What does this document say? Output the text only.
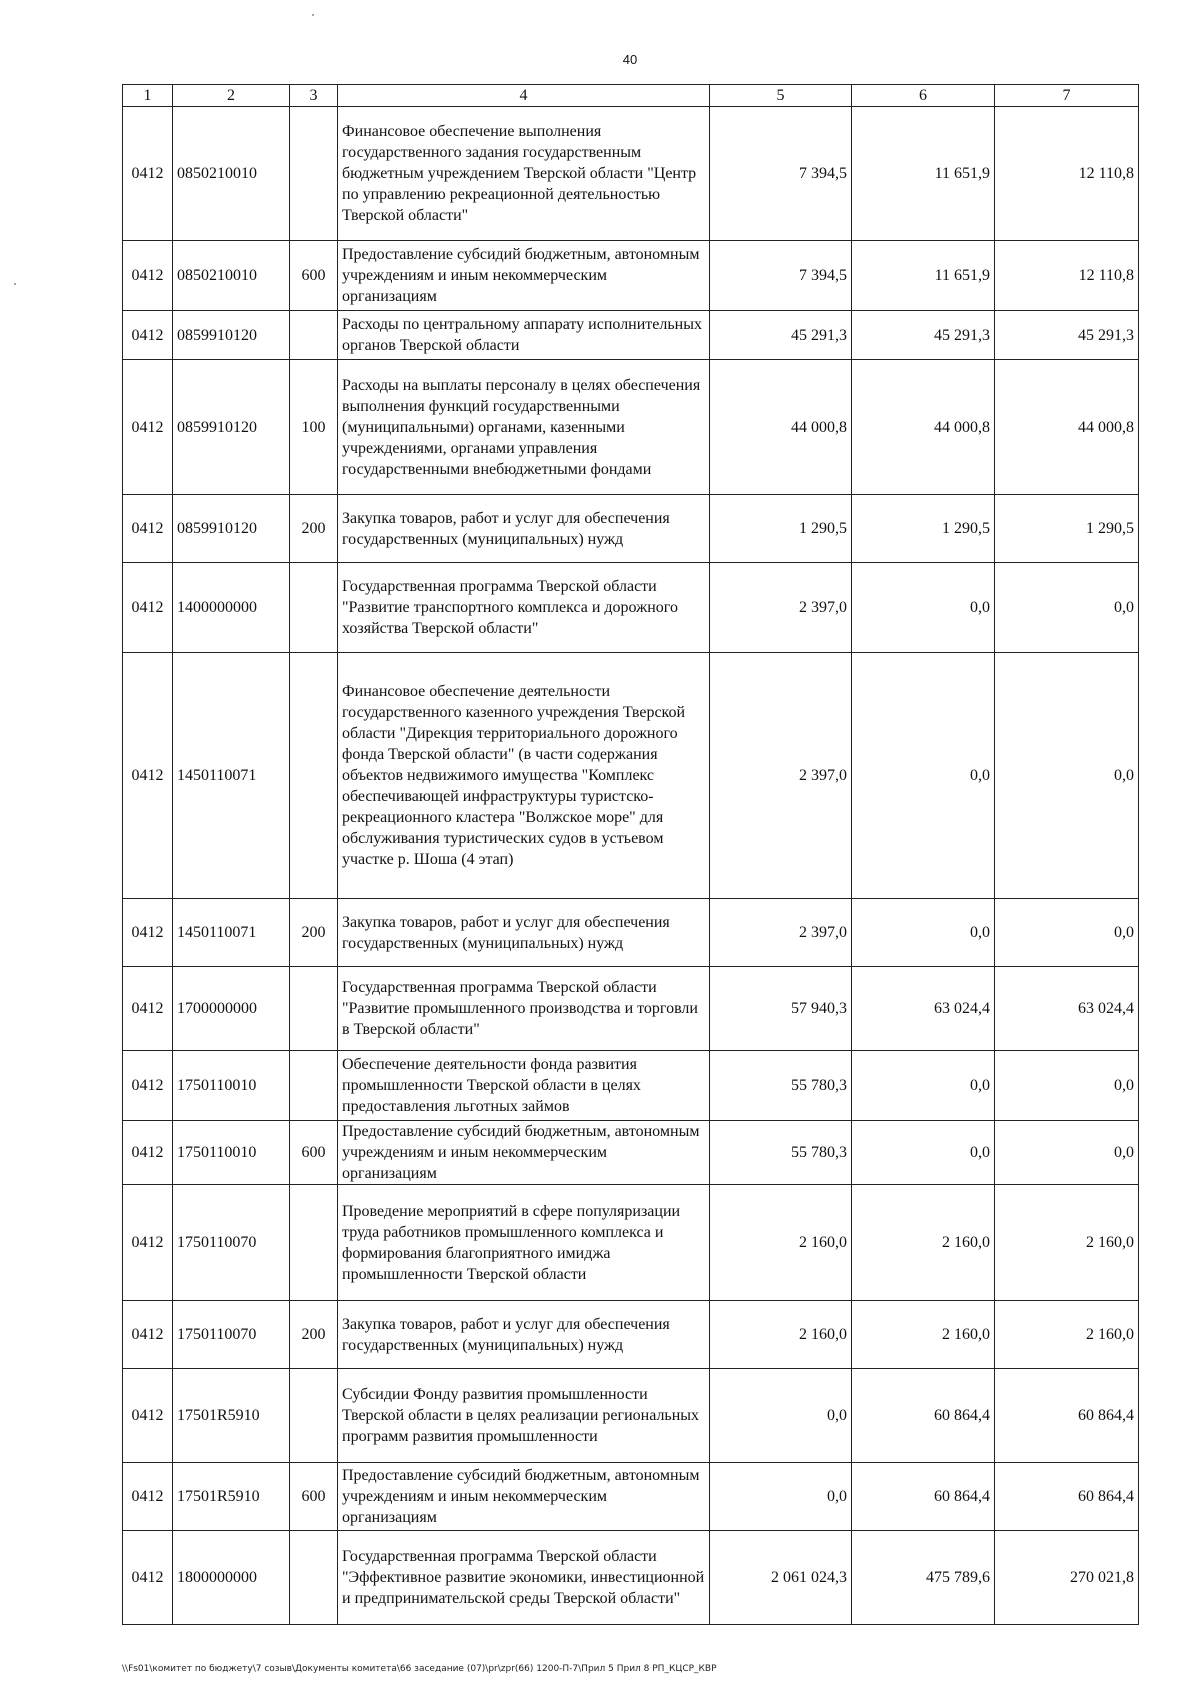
40
1	2	3	4	5	6	7
0412	0850210010		Финансовое обеспечение выполнения государственного задания государственным бюджетным учреждением Тверской области "Центр по управлению рекреационной деятельностью Тверской области"	7 394,5	11 651,9	12 110,8
0412	0850210010	600	Предоставление субсидий бюджетным, автономным учреждениям и иным некоммерческим организациям	7 394,5	11 651,9	12 110,8
0412	0859910120		Расходы по центральному аппарату исполнительных органов Тверской области	45 291,3	45 291,3	45 291,3
0412	0859910120	100	Расходы на выплаты персоналу в целях обеспечения выполнения функций государственными (муниципальными) органами, казенными учреждениями, органами управления государственными внебюджетными фондами	44 000,8	44 000,8	44 000,8
0412	0859910120	200	Закупка товаров, работ и услуг для обеспечения государственных (муниципальных) нужд	1 290,5	1 290,5	1 290,5
0412	1400000000		Государственная программа Тверской области "Развитие транспортного комплекса и дорожного хозяйства Тверской области"	2 397,0	0,0	0,0
0412	1450110071		Финансовое обеспечение деятельности государственного казенного учреждения Тверской области "Дирекция территориального дорожного фонда Тверской области" (в части содержания объектов недвижимого имущества "Комплекс обеспечивающей инфраструктуры туристско-рекреационного кластера "Волжское море" для обслуживания туристических судов в устьевом участке р. Шоша (4 этап)	2 397,0	0,0	0,0
0412	1450110071	200	Закупка товаров, работ и услуг для обеспечения государственных (муниципальных) нужд	2 397,0	0,0	0,0
0412	1700000000		Государственная программа Тверской области "Развитие промышленного производства и торговли в Тверской области"	57 940,3	63 024,4	63 024,4
0412	1750110010		Обеспечение деятельности фонда развития промышленности Тверской области в целях предоставления льготных займов	55 780,3	0,0	0,0
0412	1750110010	600	Предоставление субсидий бюджетным, автономным учреждениям и иным некоммерческим организациям	55 780,3	0,0	0,0
0412	1750110070		Проведение мероприятий в сфере популяризации труда работников промышленного комплекса и формирования благоприятного имиджа промышленности Тверской области	2 160,0	2 160,0	2 160,0
0412	1750110070	200	Закупка товаров, работ и услуг для обеспечения государственных (муниципальных) нужд	2 160,0	2 160,0	2 160,0
0412	17501R5910		Субсидии Фонду развития промышленности Тверской области в целях реализации региональных программ развития промышленности	0,0	60 864,4	60 864,4
0412	17501R5910	600	Предоставление субсидий бюджетным, автономным учреждениям и иным некоммерческим организациям	0,0	60 864,4	60 864,4
0412	1800000000		Государственная программа Тверской области "Эффективное развитие экономики, инвестиционной и предпринимательской среды Тверской области"	2 061 024,3	475 789,6	270 021,8
\\Fs01\комитет по бюджету\7 созыв\Документы комитета\66 заседание (07)\pr\zpr(66) 1200-П-7\Прил 5 Прил 8 РП_КЦСР_КВР
